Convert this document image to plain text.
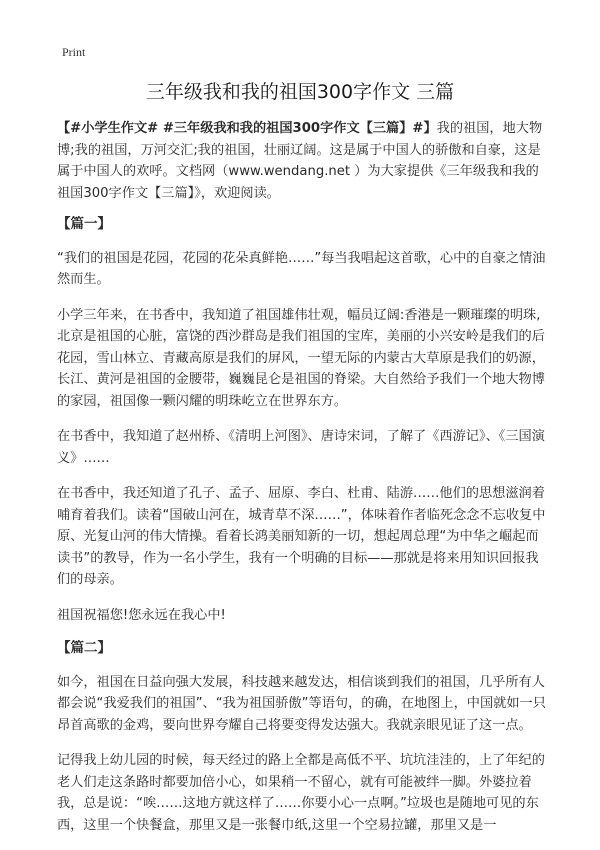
Print
三年级我和我的祖国300字作文 三篇

【#小学生作文# #三年级我和我的祖国300字作文【三篇】#】我的祖国，地大物博;我的祖国，万河交汇;我的祖国，壮丽辽阔。这是属于中国人的骄傲和自豪，这是属于中国人的欢呼。文档网（www.wendang.net ）为大家提供《三年级我和我的祖国300字作文【三篇】》，欢迎阅读。

【篇一】

“我们的祖国是花园，花园的花朵真鲜艳……”每当我唱起这首歌，心中的自豪之情油然而生。

小学三年来，在书香中，我知道了祖国雄伟壮观，幅员辽阔:香港是一颗璀璨的明珠,北京是祖国的心脏，富饶的西沙群岛是我们祖国的宝库，美丽的小兴安岭是我们的后花园，雪山林立、青藏高原是我们的屏风，一望无际的内蒙古大草原是我们的奶源，长江、黄河是祖国的金腰带，巍巍昆仑是祖国的脊梁。大自然给予我们一个地大物博的家园，祖国像一颗闪耀的明珠屹立在世界东方。

在书香中，我知道了赵州桥、《清明上河图》、唐诗宋词，了解了《西游记》、《三国演义》……

在书香中，我还知道了孔子、孟子、屈原、李白、杜甫、陆游……他们的思想滋润着哺育着我们。读着“国破山河在，城青草不深……”，体味着作者临死念念不忘收复中原、光复山河的伟大情操。看着长鸿美丽知新的一切，想起周总理“为中华之崛起而读书”的教导，作为一名小学生，我有一个明确的目标——那就是将来用知识回报我们的母亲。

祖国祝福您!您永远在我心中!

【篇二】

如今，祖国在日益向强大发展，科技越来越发达，相信谈到我们的祖国，几乎所有人都会说“我爱我们的祖国”、“我为祖国骄傲”等语句，的确，在地图上，中国就如一只昂首高歌的金鸡，要向世界夸耀自己将要变得发达强大。我就亲眼见证了这一点。

记得我上幼儿园的时候，每天经过的路上全都是高低不平、坑坑洼洼的，上了年纪的老人们走这条路时都要加倍小心，如果稍一不留心，就有可能被绊一脚。外婆拉着我，总是说：“唉……这地方就这样了……你要小心一点啊。”垃圾也是随地可见的东西，这里一个快餐盒，那里又是一张餐巾纸,这里一个空易拉罐，那里又是一
